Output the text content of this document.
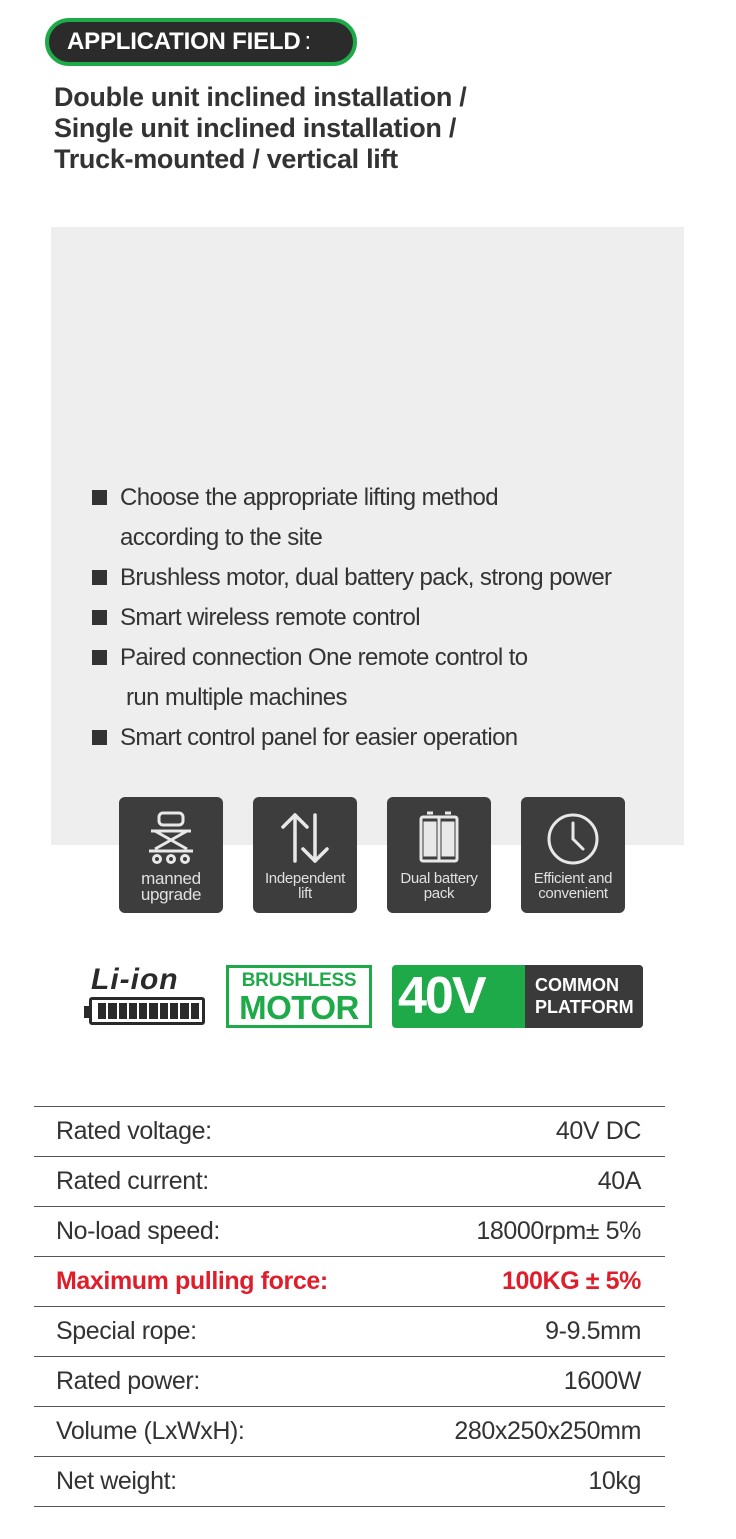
APPLICATION FIELD :
Double unit inclined installation /
Single unit inclined installation /
Truck-mounted / vertical lift
Choose the appropriate lifting method
according to the site
Brushless motor, dual battery pack, strong power
Smart wireless remote control
Paired connection One remote control to
run multiple machines
Smart control panel for easier operation
manned
upgrade
Independent
lift
Dual battery
pack
Efficient and
convenient
Li-ion	BRUSHLESS
MOTOR 40V	COMMON
PLATFORM
Rated voltage:	40V DC
Rated current:	40A
No-load speed:	18000rpm± 5%
Maximum pulling force:	100KG ± 5%
Special rope:	9-9.5mm
Rated power:	1600W
Volume (LxWxH):	280x250x250mm
Net weight:	10kg
